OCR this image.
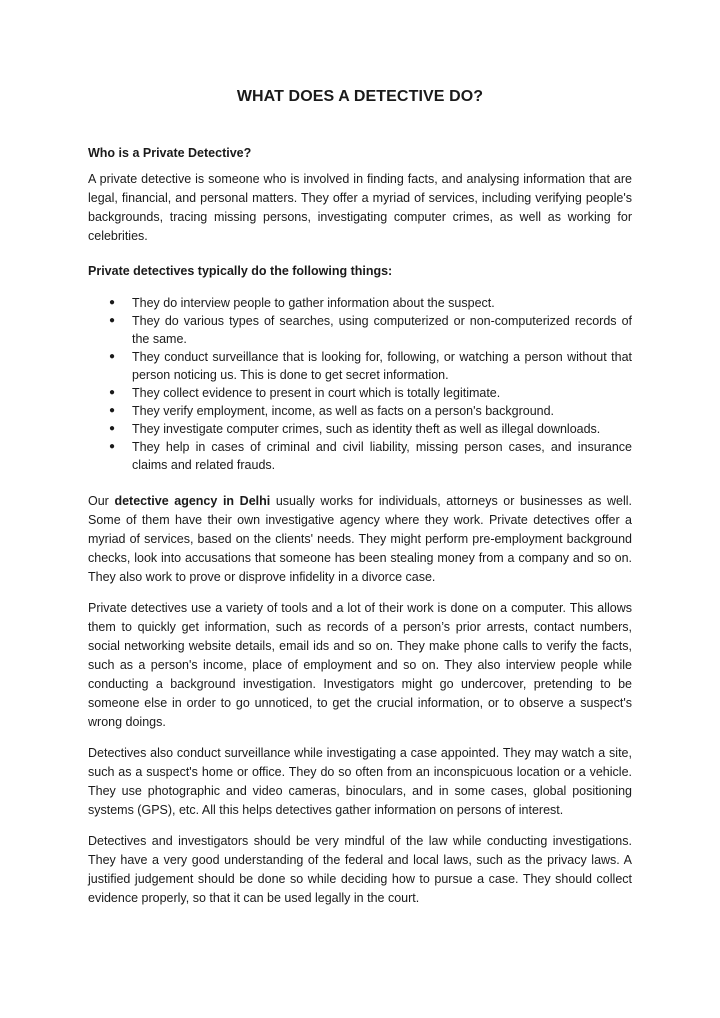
WHAT DOES A DETECTIVE DO?
Who is a Private Detective?

A private detective is someone who is involved in finding facts, and analysing information that are legal, financial, and personal matters. They offer a myriad of services, including verifying people's backgrounds, tracing missing persons, investigating computer crimes, as well as working for celebrities.

Private detectives typically do the following things:
● They do interview people to gather information about the suspect.
● They do various types of searches, using computerized or non-computerized records of the same.
● They conduct surveillance that is looking for, following, or watching a person without that person noticing us. This is done to get secret information.
● They collect evidence to present in court which is totally legitimate.
● They verify employment, income, as well as facts on a person's background.
● They investigate computer crimes, such as identity theft as well as illegal downloads.
● They help in cases of criminal and civil liability, missing person cases, and insurance claims and related frauds.

Our detective agency in Delhi usually works for individuals, attorneys or businesses as well. Some of them have their own investigative agency where they work. Private detectives offer a myriad of services, based on the clients' needs. They might perform pre-employment background checks, look into accusations that someone has been stealing money from a company and so on. They also work to prove or disprove infidelity in a divorce case.

Private detectives use a variety of tools and a lot of their work is done on a computer. This allows them to quickly get information, such as records of a person’s prior arrests, contact numbers, social networking website details, email ids and so on. They make phone calls to verify the facts, such as a person's income, place of employment and so on. They also interview people while conducting a background investigation. Investigators might go undercover, pretending to be someone else in order to go unnoticed, to get the crucial information, or to observe a suspect's wrong doings.

Detectives also conduct surveillance while investigating a case appointed. They may watch a site, such as a suspect's home or office. They do so often from an inconspicuous location or a vehicle. They use photographic and video cameras, binoculars, and in some cases, global positioning systems (GPS), etc. All this helps detectives gather information on persons of interest.

Detectives and investigators should be very mindful of the law while conducting investigations. They have a very good understanding of the federal and local laws, such as the privacy laws. A justified judgement should be done so while deciding how to pursue a case. They should collect evidence properly, so that it can be used legally in the court.
